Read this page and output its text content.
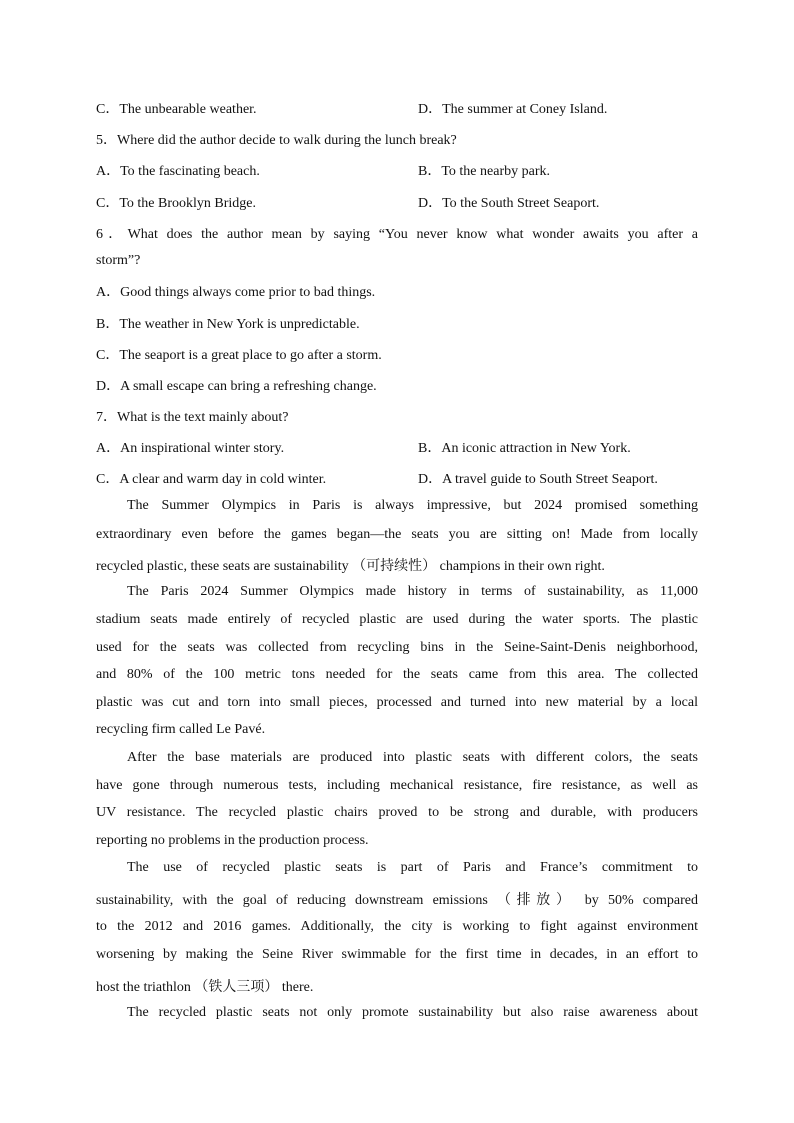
C．The unbearable weather.	D．The summer at Coney Island.
5．Where did the author decide to walk during the lunch break?
A．To the fascinating beach.	B．To the nearby park.
C．To the Brooklyn Bridge.	D．To the South Street Seaport.
6．What does the author mean by saying “You never know what wonder awaits you after a
storm”?
A．Good things always come prior to bad things.
B．The weather in New York is unpredictable.
C．The seaport is a great place to go after a storm.
D．A small escape can bring a refreshing change.
7．What is the text mainly about?
A．An inspirational winter story.	B．An iconic attraction in New York.
C．A clear and warm day in cold winter.	D．A travel guide to South Street Seaport.
The Summer Olympics in Paris is always impressive, but 2024 promised something
extraordinary even before the games began—the seats you are sitting on! Made from locally
recycled plastic, these seats are sustainability （可持续性） champions in their own right.
The Paris 2024 Summer Olympics made history in terms of sustainability, as 11,000
stadium seats made entirely of recycled plastic are used during the water sports. The plastic
used for the seats was collected from recycling bins in the Seine-Saint-Denis neighborhood,
and 80% of the 100 metric tons needed for the seats came from this area. The collected
plastic was cut and torn into small pieces, processed and turned into new material by a local
recycling firm called Le Pavé.
After the base materials are produced into plastic seats with different colors, the seats
have gone through numerous tests, including mechanical resistance, fire resistance, as well as
UV resistance. The recycled plastic chairs proved to be strong and durable, with producers
reporting no problems in the production process.
The use of recycled plastic seats is part of Paris and France’s commitment to
sustainability, with the goal of reducing downstream emissions （排放） by 50% compared
to the 2012 and 2016 games. Additionally, the city is working to fight against environment
worsening by making the Seine River swimmable for the first time in decades, in an effort to
host the triathlon （铁人三项） there.
The recycled plastic seats not only promote sustainability but also raise awareness about
